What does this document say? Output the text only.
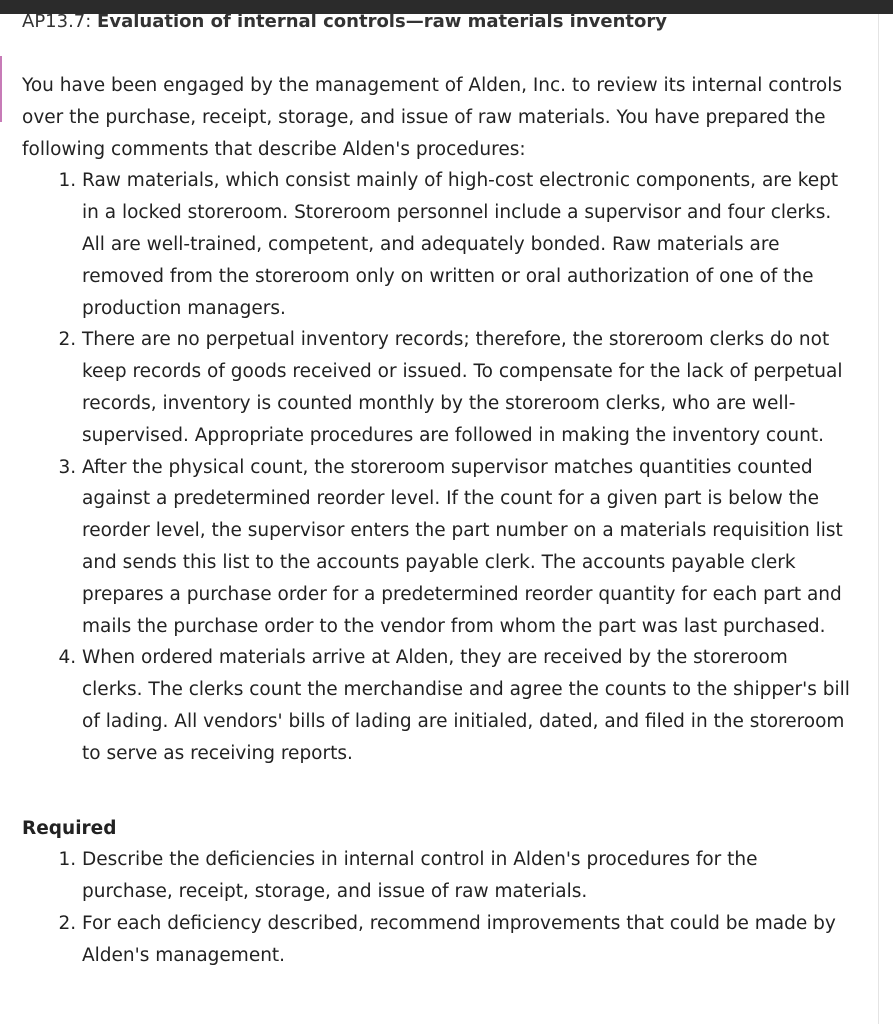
AP13.7: Evaluation of internal controls—raw materials inventory

You have been engaged by the management of Alden, Inc. to review its internal controls over the purchase, receipt, storage, and issue of raw materials. You have prepared the following comments that describe Alden's procedures:

1. Raw materials, which consist mainly of high-cost electronic components, are kept in a locked storeroom. Storeroom personnel include a supervisor and four clerks. All are well-trained, competent, and adequately bonded. Raw materials are removed from the storeroom only on written or oral authorization of one of the production managers.
2. There are no perpetual inventory records; therefore, the storeroom clerks do not keep records of goods received or issued. To compensate for the lack of perpetual records, inventory is counted monthly by the storeroom clerks, who are well-supervised. Appropriate procedures are followed in making the inventory count.
3. After the physical count, the storeroom supervisor matches quantities counted against a predetermined reorder level. If the count for a given part is below the reorder level, the supervisor enters the part number on a materials requisition list and sends this list to the accounts payable clerk. The accounts payable clerk prepares a purchase order for a predetermined reorder quantity for each part and mails the purchase order to the vendor from whom the part was last purchased.
4. When ordered materials arrive at Alden, they are received by the storeroom clerks. The clerks count the merchandise and agree the counts to the shipper's bill of lading. All vendors' bills of lading are initialed, dated, and filed in the storeroom to serve as receiving reports.

Required

1. Describe the deficiencies in internal control in Alden's procedures for the purchase, receipt, storage, and issue of raw materials.
2. For each deficiency described, recommend improvements that could be made by Alden's management.
